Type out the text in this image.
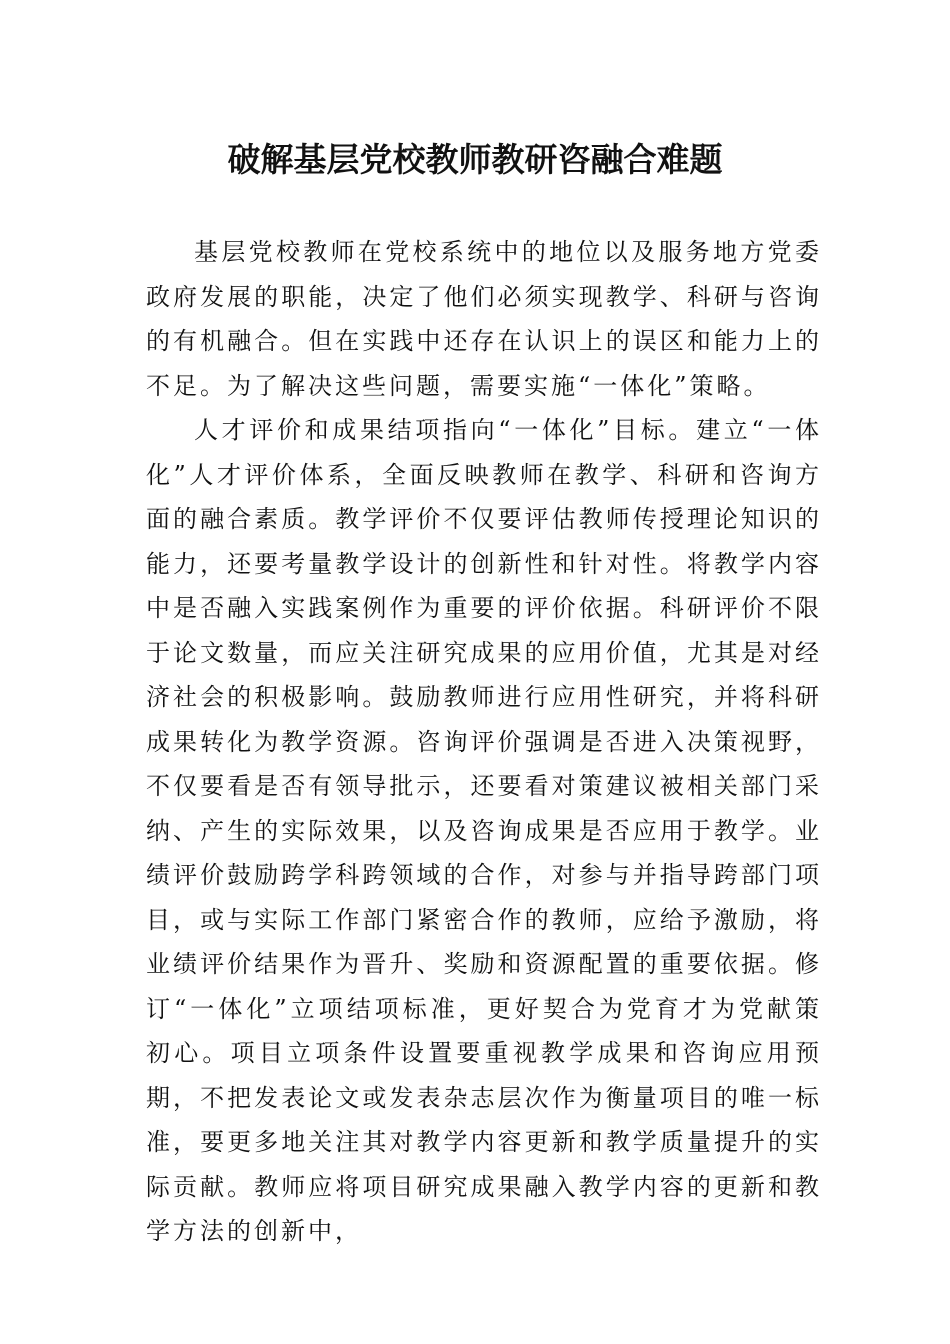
破解基层党校教师教研咨融合难题

基层党校教师在党校系统中的地位以及服务地方党委政府发展的职能，决定了他们必须实现教学、科研与咨询的有机融合。但在实践中还存在认识上的误区和能力上的不足。为了解决这些问题，需要实施“一体化”策略。

人才评价和成果结项指向“一体化”目标。建立“一体化”人才评价体系，全面反映教师在教学、科研和咨询方面的融合素质。教学评价不仅要评估教师传授理论知识的能力，还要考量教学设计的创新性和针对性。将教学内容中是否融入实践案例作为重要的评价依据。科研评价不限于论文数量，而应关注研究成果的应用价值，尤其是对经济社会的积极影响。鼓励教师进行应用性研究，并将科研成果转化为教学资源。咨询评价强调是否进入决策视野，不仅要看是否有领导批示，还要看对策建议被相关部门采纳、产生的实际效果，以及咨询成果是否应用于教学。业绩评价鼓励跨学科跨领域的合作，对参与并指导跨部门项目，或与实际工作部门紧密合作的教师，应给予激励，将业绩评价结果作为晋升、奖励和资源配置的重要依据。修订“一体化”立项结项标准，更好契合为党育才为党献策初心。项目立项条件设置要重视教学成果和咨询应用预期，不把发表论文或发表杂志层次作为衡量项目的唯一标准，要更多地关注其对教学内容更新和教学质量提升的实际贡献。教师应将项目研究成果融入教学内容的更新和教学方法的创新中，
